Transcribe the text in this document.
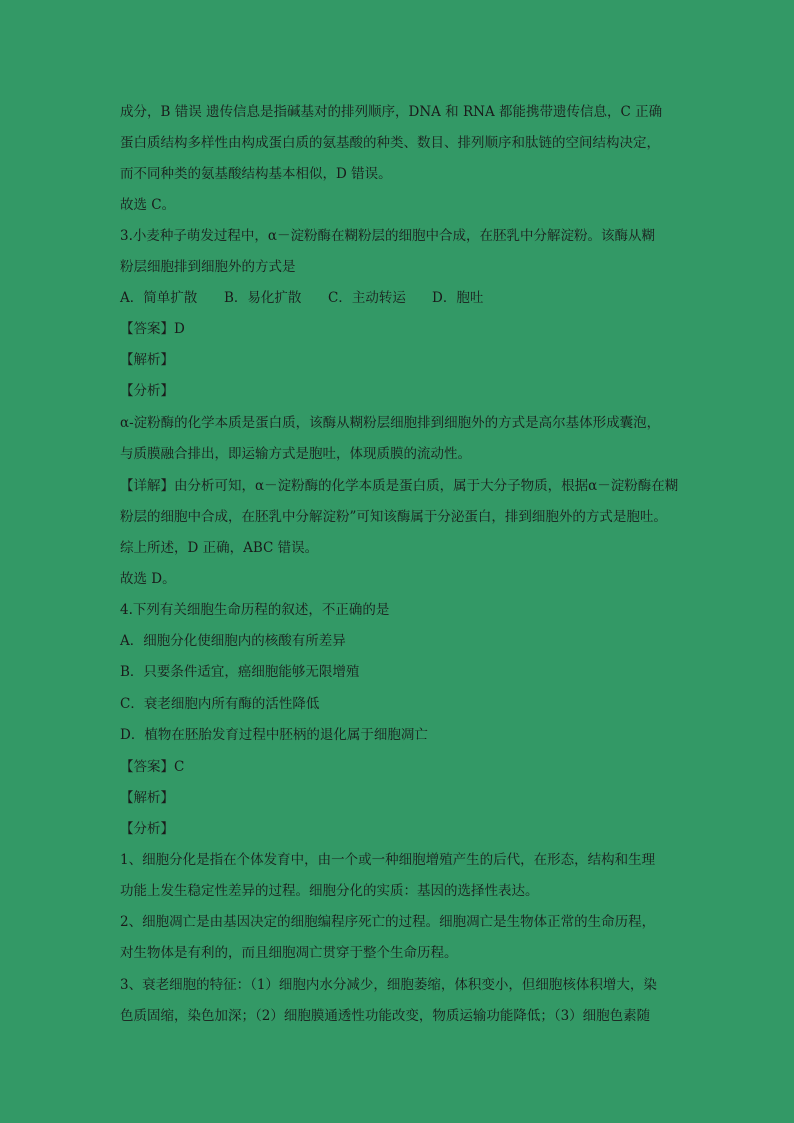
成分，B 错误 遗传信息是指碱基对的排列顺序，DNA 和 RNA 都能携带遗传信息，C 正确
蛋白质结构多样性由构成蛋白质的氨基酸的种类、数目、排列顺序和肽链的空间结构决定，
而不同种类的氨基酸结构基本相似，D 错误。
故选 C。
3.小麦种子萌发过程中，α－淀粉酶在糊粉层的细胞中合成，在胚乳中分解淀粉。该酶从糊
粉层细胞排到细胞外的方式是
A．简单扩散 B．易化扩散 C．主动转运 D．胞吐
【答案】D
【解析】
【分析】
α-淀粉酶的化学本质是蛋白质，该酶从糊粉层细胞排到细胞外的方式是高尔基体形成囊泡，
与质膜融合排出，即运输方式是胞吐，体现质膜的流动性。
【详解】由分析可知，α－淀粉酶的化学本质是蛋白质，属于大分子物质，根据α－淀粉酶在糊
粉层的细胞中合成，在胚乳中分解淀粉”可知该酶属于分泌蛋白，排到细胞外的方式是胞吐。
综上所述，D 正确，ABC 错误。
故选 D。
4.下列有关细胞生命历程的叙述，不正确的是
A．细胞分化使细胞内的核酸有所差异
B．只要条件适宜，癌细胞能够无限增殖
C．衰老细胞内所有酶的活性降低
D．植物在胚胎发育过程中胚柄的退化属于细胞凋亡
【答案】C
【解析】
【分析】
1、细胞分化是指在个体发育中，由一个或一种细胞增殖产生的后代，在形态，结构和生理
功能上发生稳定性差异的过程。细胞分化的实质：基因的选择性表达。
2、细胞凋亡是由基因决定的细胞编程序死亡的过程。细胞凋亡是生物体正常的生命历程，
对生物体是有利的，而且细胞凋亡贯穿于整个生命历程。
3、衰老细胞的特征：（1）细胞内水分减少，细胞萎缩，体积变小，但细胞核体积增大，染
色质固缩，染色加深；（2）细胞膜通透性功能改变，物质运输功能降低；（3）细胞色素随
